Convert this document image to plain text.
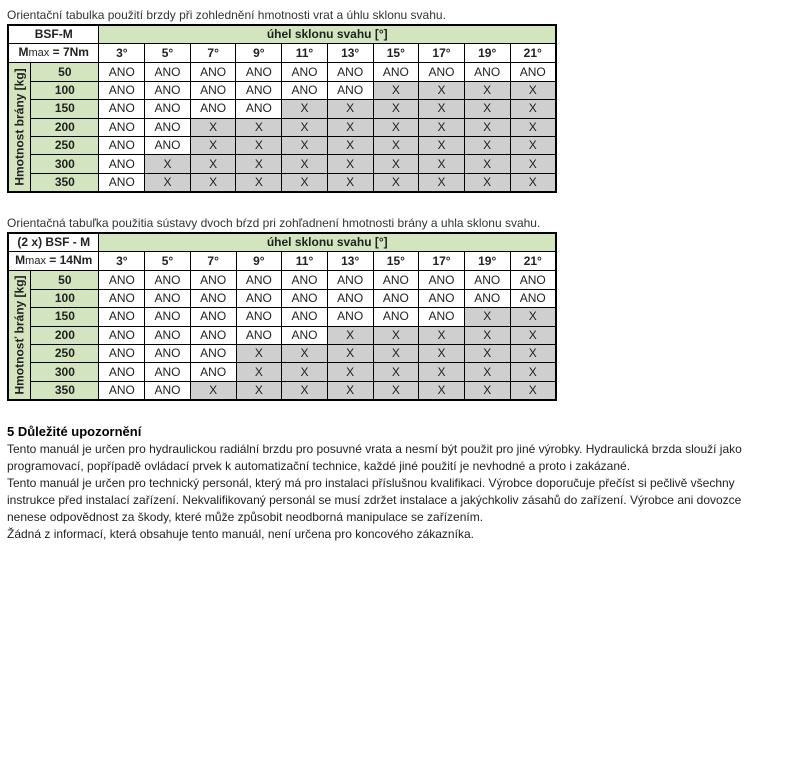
Orientační tabulka použití brzdy při zohlednění hmotnosti vrat a úhlu sklonu svahu.
BSF-M		úhel sklonu svahu [°]									
Mmax = 7Nm		3°	5°	7°	9°	11°	13°	15°	17°	19°	21°

Hmotnost brány [kg]	50	ANO	ANO	ANO	ANO	ANO	ANO	ANO	ANO	ANO	ANO
	100	ANO	ANO	ANO	ANO	ANO	ANO	X	X	X	X
	150	ANO	ANO	ANO	ANO	X	X	X	X	X	X
	200	ANO	ANO	X	X	X	X	X	X	X	X
	250	ANO	ANO	X	X	X	X	X	X	X	X
	300	ANO	X	X	X	X	X	X	X	X	X
	350	ANO	X	X	X	X	X	X	X	X	X
Orientačná tabuľka použitia sústavy dvoch bŕzd pri zohľadnení hmotnosti brány a uhla sklonu svahu.
(2 x) BSF - M		úhel sklonu svahu [°]									
Mmax = 14Nm		3°	5°	7°	9°	11°	13°	15°	17°	19°	21°

Hmotnosť brány [kg]	50	ANO	ANO	ANO	ANO	ANO	ANO	ANO	ANO	ANO	ANO
	100	ANO	ANO	ANO	ANO	ANO	ANO	ANO	ANO	ANO	ANO
	150	ANO	ANO	ANO	ANO	ANO	ANO	ANO	ANO	X	X
	200	ANO	ANO	ANO	ANO	ANO	X	X	X	X	X
	250	ANO	ANO	ANO	X	X	X	X	X	X	X
	300	ANO	ANO	ANO	X	X	X	X	X	X	X
	350	ANO	ANO	X	X	X	X	X	X	X	X
5 Důležité upozornění

Tento manuál je určen pro hydraulickou radiální brzdu pro posuvné vrata a nesmí být použit pro jiné výrobky. Hydraulická brzda slouží jako programovací, popřípadě ovládací prvek k automatizační technice, každé jiné použití je nevhodné a proto i zakázané.

Tento manuál je určen pro technický personál, který má pro instalaci příslušnou kvalifikaci. Výrobce doporučuje přečíst si pečlivě všechny instrukce před instalací zařízení. Nekvalifikovaný personál se musí zdržet instalace a jakýchkoliv zásahů do zařízení. Výrobce ani dovozce nenese odpovědnost za škody, které může způsobit neodborná manipulace se zařízením.

Žádná z informací, která obsahuje tento manuál, není určena pro koncového zákazníka.
